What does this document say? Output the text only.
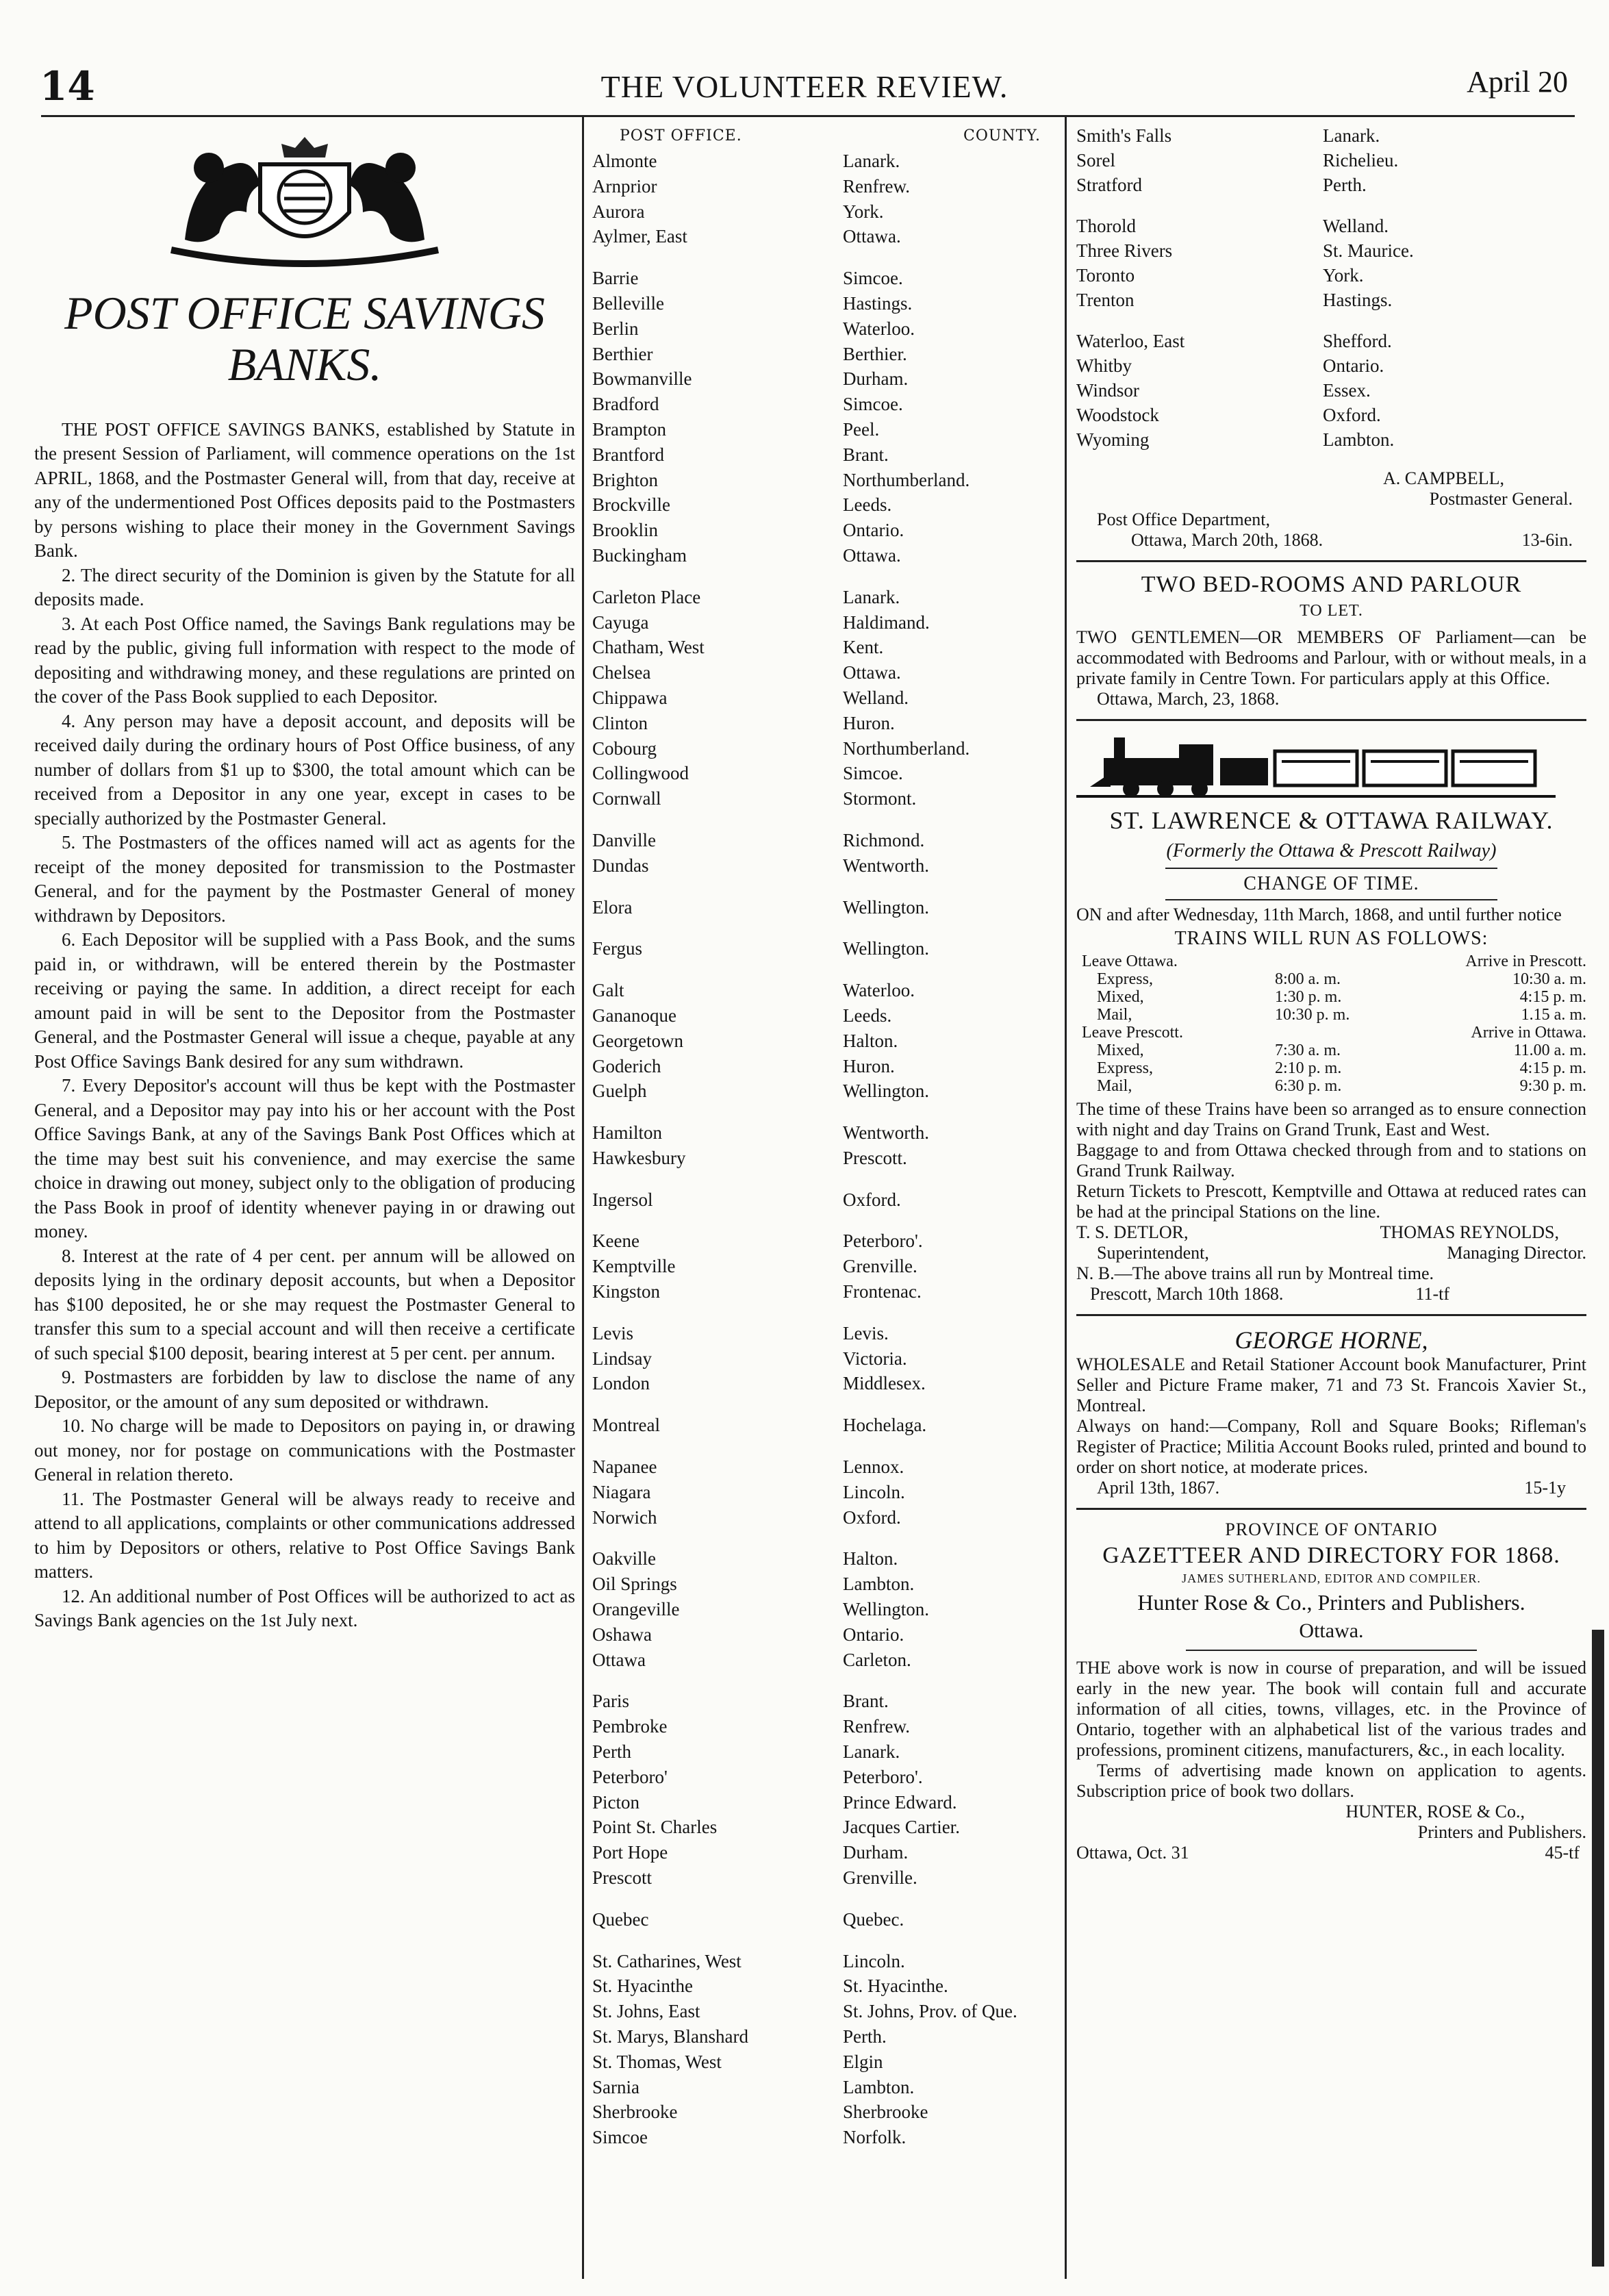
14	THE VOLUNTEER REVIEW.	April 20
POST OFFICE SAVINGS BANKS.

THE POST OFFICE SAVINGS BANKS, established by Statute in the present Session of Parliament, will commence operations on the 1st APRIL, 1868, and the Postmaster General will, from that day, receive at any of the undermentioned Post Offices deposits paid to the Postmasters by persons wishing to place their money in the Government Savings Bank.

2. The direct security of the Dominion is given by the Statute for all deposits made.

3. At each Post Office named, the Savings Bank regulations may be read by the public, giving full information with respect to the mode of depositing and withdrawing money, and these regulations are printed on the cover of the Pass Book supplied to each Depositor.

4. Any person may have a deposit account, and deposits will be received daily during the ordinary hours of Post Office business, of any number of dollars from $1 up to $300, the total amount which can be received from a Depositor in any one year, except in cases to be specially authorized by the Postmaster General.

5. The Postmasters of the offices named will act as agents for the receipt of the money deposited for transmission to the Postmaster General, and for the payment by the Postmaster General of money withdrawn by Depositors.

6. Each Depositor will be supplied with a Pass Book, and the sums paid in, or withdrawn, will be entered therein by the Postmaster receiving or paying the same. In addition, a direct receipt for each amount paid in will be sent to the Depositor from the Postmaster General, and the Postmaster General will issue a cheque, payable at any Post Office Savings Bank desired for any sum withdrawn.

7. Every Depositor's account will thus be kept with the Postmaster General, and a Depositor may pay into his or her account with the Post Office Savings Bank, at any of the Savings Bank Post Offices which at the time may best suit his convenience, and may exercise the same choice in drawing out money, subject only to the obligation of producing the Pass Book in proof of identity whenever paying in or drawing out money.

8. Interest at the rate of 4 per cent. per annum will be allowed on deposits lying in the ordinary deposit accounts, but when a Depositor has $100 deposited, he or she may request the Postmaster General to transfer this sum to a special account and will then receive a certificate of such special $100 deposit, bearing interest at 5 per cent. per annum.

9. Postmasters are forbidden by law to disclose the name of any Depositor, or the amount of any sum deposited or withdrawn.

10. No charge will be made to Depositors on paying in, or drawing out money, nor for postage on communications with the Postmaster General in relation thereto.

11. The Postmaster General will be always ready to receive and attend to all applications, complaints or other communications addressed to him by Depositors or others, relative to Post Office Savings Bank matters.

12. An additional number of Post Offices will be authorized to act as Savings Bank agencies on the 1st July next.

POST OFFICE.	COUNTY.
Almonte	Lanark.
Arnprior	Renfrew.
Aurora	York.
Aylmer, East	Ottawa.
Barrie	Simcoe.
Belleville	Hastings.
Berlin	Waterloo.
Berthier	Berthier.
Bowmanville	Durham.
Bradford	Simcoe.
Brampton	Peel.
Brantford	Brant.
Brighton	Northumberland.
Brockville	Leeds.
Brooklin	Ontario.
Buckingham	Ottawa.
Carleton Place	Lanark.
Cayuga	Haldimand.
Chatham, West	Kent.
Chelsea	Ottawa.
Chippawa	Welland.
Clinton	Huron.
Cobourg	Northumberland.
Collingwood	Simcoe.
Cornwall	Stormont.
Danville	Richmond.
Dundas	Wentworth.
Elora	Wellington.
Fergus	Wellington.
Galt	Waterloo.
Gananoque	Leeds.
Georgetown	Halton.
Goderich	Huron.
Guelph	Wellington.
Hamilton	Wentworth.
Hawkesbury	Prescott.
Ingersol	Oxford.
Keene	Peterboro'.
Kemptville	Grenville.
Kingston	Frontenac.
Levis	Levis.
Lindsay	Victoria.
London	Middlesex.
Montreal	Hochelaga.
Napanee	Lennox.
Niagara	Lincoln.
Norwich	Oxford.
Oakville	Halton.
Oil Springs	Lambton.
Orangeville	Wellington.
Oshawa	Ontario.
Ottawa	Carleton.
Paris	Brant.
Pembroke	Renfrew.
Perth	Lanark.
Peterboro'	Peterboro'.
Picton	Prince Edward.
Point St. Charles	Jacques Cartier.
Port Hope	Durham.
Prescott	Grenville.
Quebec	Quebec.
St. Catharines, West	Lincoln.
St. Hyacinthe	St. Hyacinthe.
St. Johns, East	St. Johns, Prov. of Que.
St. Marys, Blanshard	Perth.
St. Thomas, West	Elgin
Sarnia	Lambton.
Sherbrooke	Sherbrooke
Simcoe	Norfolk.
Smith's Falls	Lanark.
Sorel	Richelieu.
Stratford	Perth.
Thorold	Welland.
Three Rivers	St. Maurice.
Toronto	York.
Trenton	Hastings.
Waterloo, East	Shefford.
Whitby	Ontario.
Windsor	Essex.
Woodstock	Oxford.
Wyoming	Lambton.
A. CAMPBELL,
Postmaster General.
Post Office Department,
Ottawa, March 20th, 1868.	13-6in.
TWO BED-ROOMS AND PARLOUR
TO LET.
TWO GENTLEMEN—OR MEMBERS OF Parliament—can be accommodated with Bedrooms and Parlour, with or without meals, in a private family in Centre Town. For particulars apply at this Office.
Ottawa, March, 23, 1868.
ST. LAWRENCE & OTTAWA RAILWAY.
(Formerly the Ottawa & Prescott Railway)
CHANGE OF TIME.
ON and after Wednesday, 11th March, 1868, and until further notice
TRAINS WILL RUN AS FOLLOWS:
Leave Ottawa.	Arrive in Prescott.
Express,	8:00 a. m.	10:30 a. m.
Mixed,	1:30 p. m.	4:15 p. m.
Mail,	10:30 p. m.	1.15 a. m.
Leave Prescott.	Arrive in Ottawa.
Mixed,	7:30 a. m.	11.00 a. m.
Express,	2:10 p. m.	4:15 p. m.
Mail,	6:30 p. m.	9:30 p. m.
The time of these Trains have been so arranged as to ensure connection with night and day Trains on Grand Trunk, East and West.
Baggage to and from Ottawa checked through from and to stations on Grand Trunk Railway.
Return Tickets to Prescott, Kemptville and Ottawa at reduced rates can be had at the principal Stations on the line.
T. S. DETLOR,	THOMAS REYNOLDS,
Superintendent,	Managing Director.
N. B.—The above trains all run by Montreal time.
Prescott, March 10th 1868.	11-tf
GEORGE HORNE,
WHOLESALE and Retail Stationer Account book Manufacturer, Print Seller and Picture Frame maker, 71 and 73 St. Francois Xavier St., Montreal.
Always on hand:—Company, Roll and Square Books; Rifleman's Register of Practice; Militia Account Books ruled, printed and bound to order on short notice, at moderate prices.
April 13th, 1867.	15-1y
PROVINCE OF ONTARIO
GAZETTEER AND DIRECTORY FOR 1868.
JAMES SUTHERLAND, EDITOR AND COMPILER.
Hunter Rose & Co., Printers and Publishers.
Ottawa.
THE above work is now in course of preparation, and will be issued early in the new year. The book will contain full and accurate information of all cities, towns, villages, etc. in the Province of Ontario, together with an alphabetical list of the various trades and professions, prominent citizens, manufacturers, &c., in each locality.
Terms of advertising made known on application to agents. Subscription price of book two dollars.
HUNTER, ROSE & Co.,
Printers and Publishers.
Ottawa, Oct. 31	45-tf
